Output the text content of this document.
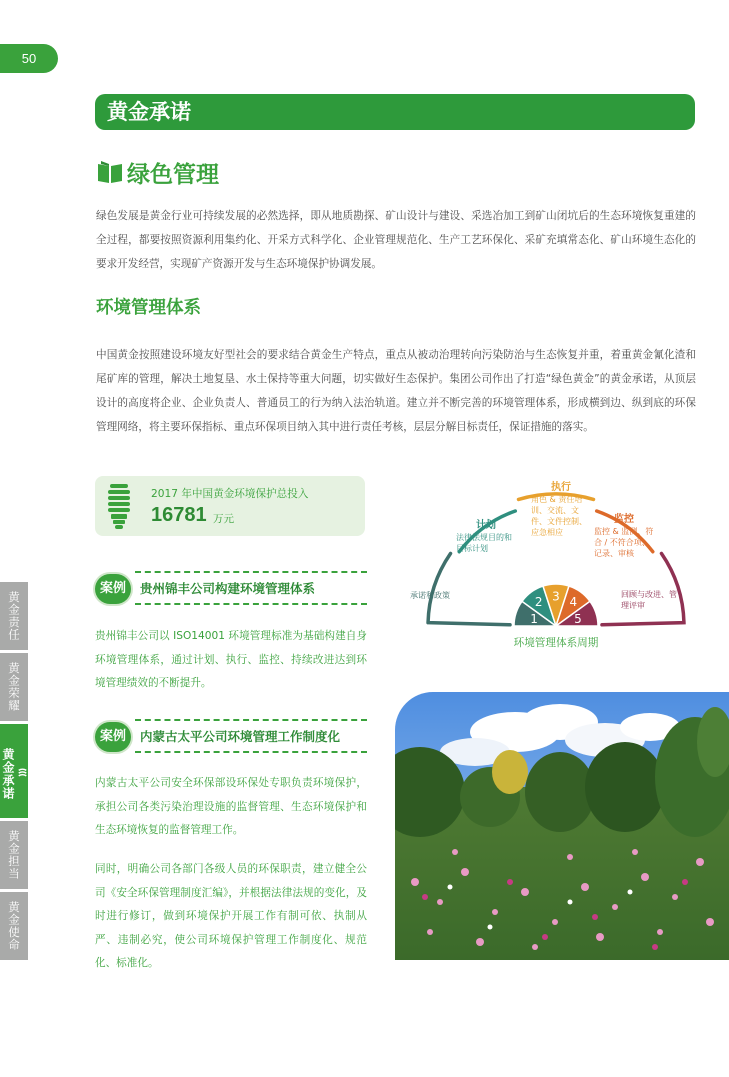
50
黄金承诺
绿色管理

绿色发展是黄金行业可持续发展的必然选择，即从地质勘探、矿山设计与建设、采选冶加工到矿山闭坑后的生态环境恢复重建的全过程，都要按照资源利用集约化、开采方式科学化、企业管理规范化、生产工艺环保化、采矿充填常态化、矿山环境生态化的要求开发经营，实现矿产资源开发与生态环境保护协调发展。

环境管理体系

中国黄金按照建设环境友好型社会的要求结合黄金生产特点，重点从被动治理转向污染防治与生态恢复并重，着重黄金氰化渣和尾矿库的管理，解决土地复垦、水土保持等重大问题，切实做好生态保护。集团公司作出了打造“绿色黄金”的黄金承诺，从顶层设计的高度将企业、企业负责人、普通员工的行为纳入法治轨道。建立并不断完善的环境管理体系，形成横到边、纵到底的环保管理网络，将主要环保指标、重点环保项目纳入其中进行责任考核，层层分解目标责任，保证措施的落实。

2017 年中国黄金环境保护总投入
16781 万元
案例	贵州锦丰公司构建环境管理体系

贵州锦丰公司以 ISO14001 环境管理标准为基础构建自身环境管理体系，通过计划、执行、监控、持续改进达到环境管理绩效的不断提升。

案例	内蒙古太平公司环境管理工作制度化

内蒙古太平公司安全环保部设环保处专职负责环境保护，承担公司各类污染治理设施的监督管理、生态环境保护和生态环境恢复的监督管理工作。

同时，明确公司各部门各级人员的环保职责，建立健全公司《安全环保管理制度汇编》，并根据法律法规的变化，及时进行修订，做到环境保护开展工作有制可依、执制从严、违制必究，使公司环境保护管理工作制度化、规范化、标准化。

1
2 3 4
5
承诺和政策
计划
法律法规目的和
目标计划
执行
角色 & 责任培
训、交流、文
件、文件控制、
应急相应
监控
监控 & 监测、符
合 / 不符合项、
记录、审核
回顾与改进、管
理评审
环境管理体系周期
黄金责任
黄金荣耀
黄金承诺
黄金担当
黄金使命
